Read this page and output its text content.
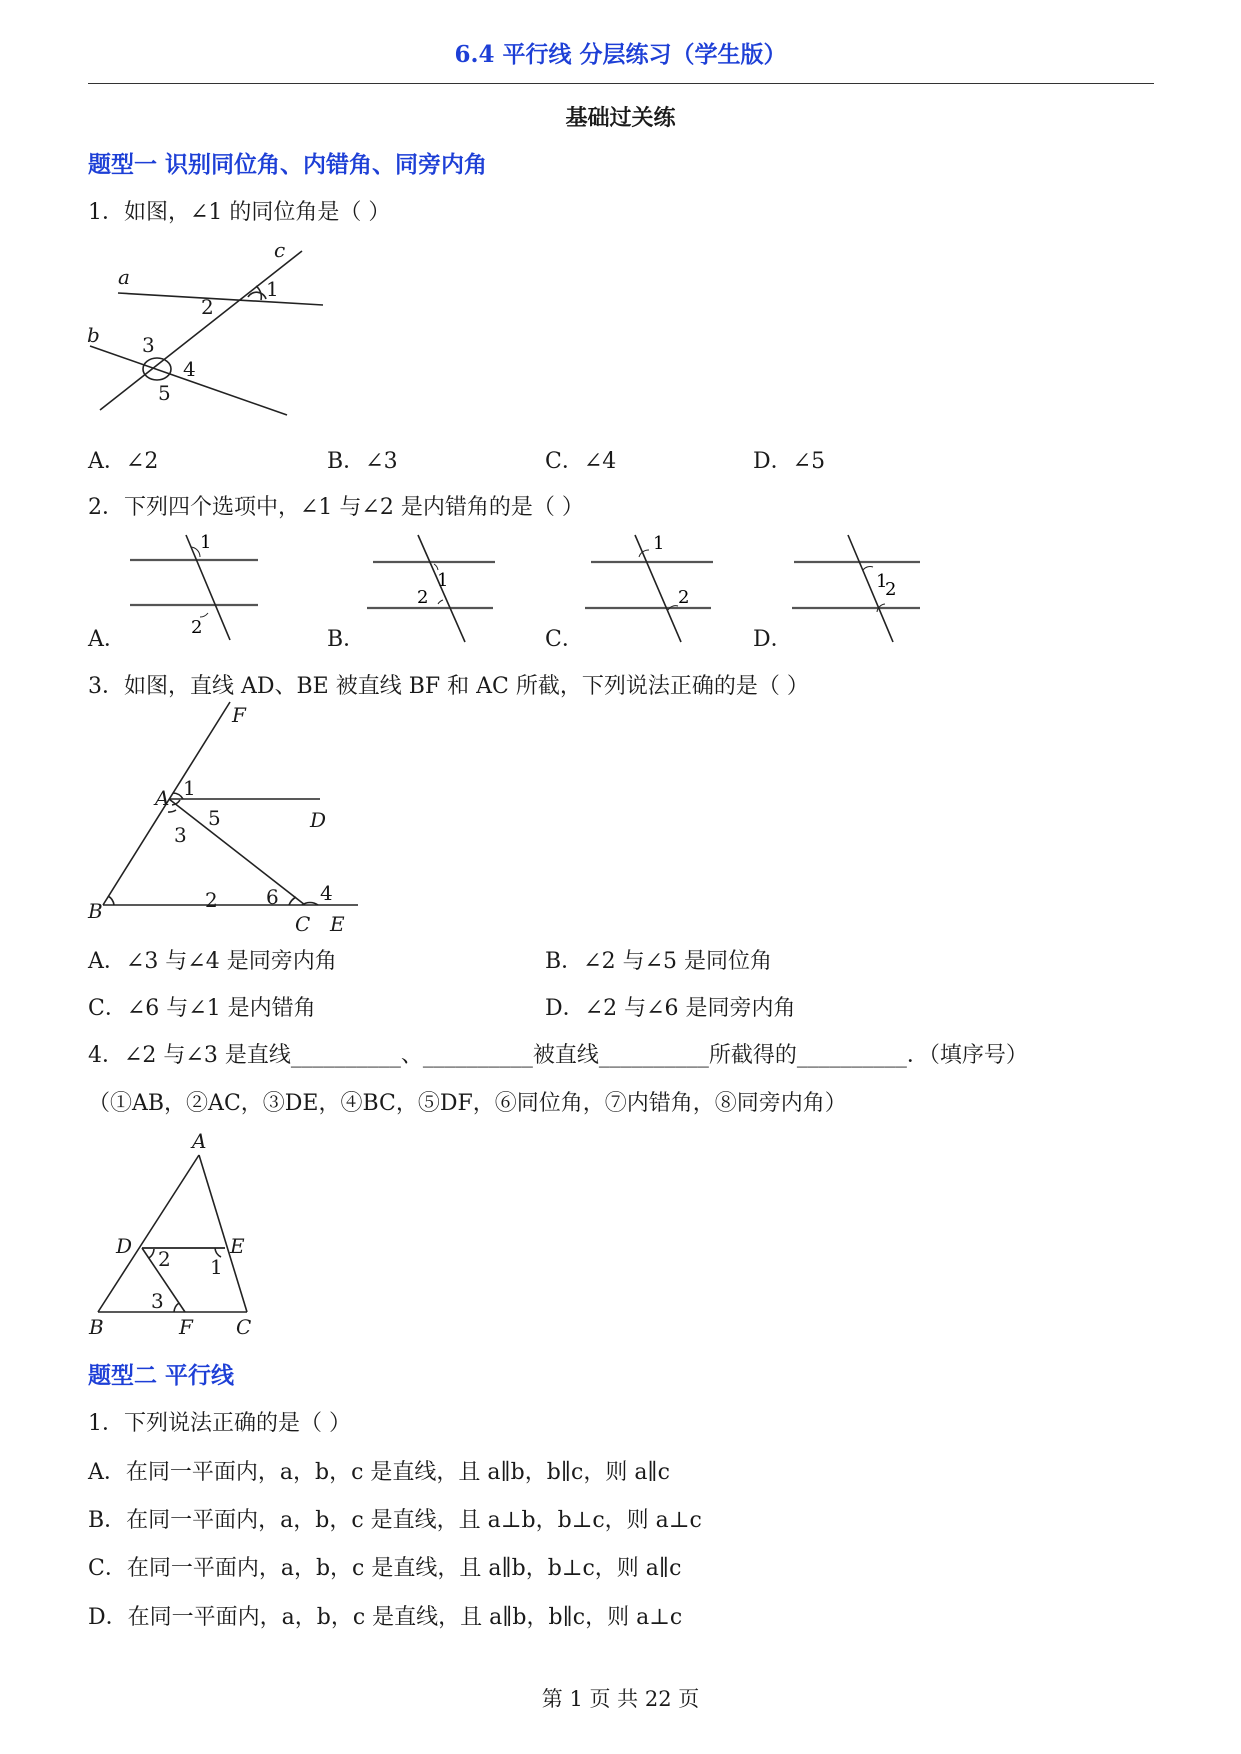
6.4 平行线 分层练习（学生版）
基础过关练
题型一 识别同位角、内错角、同旁内角
1．如图，∠1 的同位角是（ ）
a
b
c
1
2
3
4
5
A．∠2	B．∠3	C．∠4	D．∠5
2．下列四个选项中，∠1 与∠2 是内错角的是（ ）
A．	B．	C．	D．
1
2
1
2
1
2
1
2
3．如图，直线 AD、BE 被直线 BF 和 AC 所截，下列说法正确的是（ ）
F
A
D
B
C E
1
2
3
4
5
6
A．∠3 与∠4 是同旁内角	B．∠2 与∠5 是同位角
C．∠6 与∠1 是内错角	D．∠2 与∠6 是同旁内角
4．∠2 与∠3 是直线__________、__________被直线__________所截得的__________．（填序号）
（①AB，②AC，③DE，④BC，⑤DF，⑥同位角，⑦内错角，⑧同旁内角）
A
D	E
B	F C
1
2
3
题型二 平行线
1．下列说法正确的是（ ）
A．在同一平面内，a，b，c 是直线，且 a∥b，b∥c，则 a∥c
B．在同一平面内，a，b，c 是直线，且 a⊥b，b⊥c，则 a⊥c
C．在同一平面内，a，b，c 是直线，且 a∥b，b⊥c，则 a∥c
D．在同一平面内，a，b，c 是直线，且 a∥b，b∥c，则 a⊥c
第 1 页 共 22 页
